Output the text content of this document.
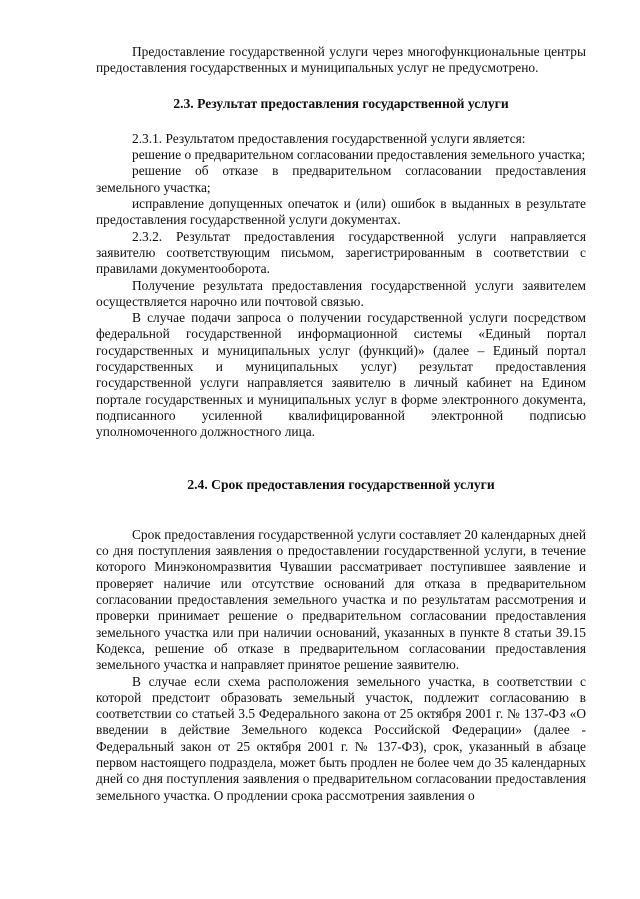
Предоставление государственной услуги через многофункциональные центры предоставления государственных и муниципальных услуг не предусмотрено.

2.3. Результат предоставления государственной услуги

2.3.1. Результатом предоставления государственной услуги является:

решение о предварительном согласовании предоставления земельного участка;

решение об отказе в предварительном согласовании предоставления земельного участка;

исправление допущенных опечаток и (или) ошибок в выданных в результате предоставления государственной услуги документах.

2.3.2. Результат предоставления государственной услуги направляется заявителю соответствующим письмом, зарегистрированным в соответствии с правилами документооборота.

Получение результата предоставления государственной услуги заявителем осуществляется нарочно или почтовой связью.

В случае подачи запроса о получении государственной услуги посредством федеральной государственной информационной системы «Единый портал государственных и муниципальных услуг (функций)» (далее – Единый портал государственных и муниципальных услуг) результат предоставления государственной услуги направляется заявителю в личный кабинет на Едином портале государственных и муниципальных услуг в форме электронного документа, подписанного усиленной квалифицированной электронной подписью уполномоченного должностного лица.

2.4. Срок предоставления государственной услуги

Срок предоставления государственной услуги составляет 20 календарных дней со дня поступления заявления о предоставлении государственной услуги, в течение которого Минэкономразвития Чувашии рассматривает поступившее заявление и проверяет наличие или отсутствие оснований для отказа в предварительном согласовании предоставления земельного участка и по результатам рассмотрения и проверки принимает решение о предварительном согласовании предоставления земельного участка или при наличии оснований, указанных в пункте 8 статьи 39.15 Кодекса, решение об отказе в предварительном согласовании предоставления земельного участка и направляет принятое решение заявителю.

В случае если схема расположения земельного участка, в соответствии с которой предстоит образовать земельный участок, подлежит согласованию в соответствии со статьей 3.5 Федерального закона от 25 октября 2001 г. № 137-ФЗ «О введении в действие Земельного кодекса Российской Федерации» (далее - Федеральный закон от 25 октября 2001 г. № 137-ФЗ), срок, указанный в абзаце первом настоящего подраздела, может быть продлен не более чем до 35 календарных дней со дня поступления заявления о предварительном согласовании предоставления земельного участка. О продлении срока рассмотрения заявления о
